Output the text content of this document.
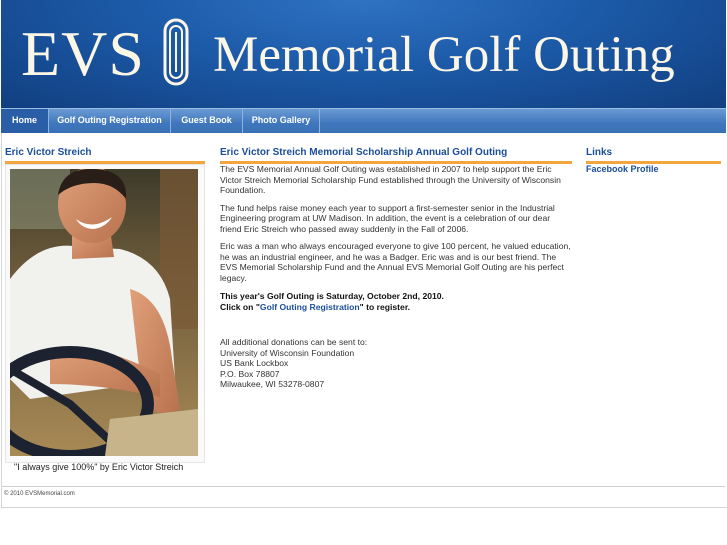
EVS Memorial Golf Outing
Home	Golf Outing Registration	Guest Book	Photo Gallery
Eric Victor Streich
"I always give 100%" by Eric Victor Streich
Eric Victor Streich Memorial Scholarship Annual Golf Outing

The EVS Memorial Annual Golf Outing was established in 2007 to help support the Eric Victor Streich Memorial Scholarship Fund established through the University of Wisconsin Foundation.

The fund helps raise money each year to support a first-semester senior in the Industrial Engineering program at UW Madison. In addition, the event is a celebration of our dear friend Eric Streich who passed away suddenly in the Fall of 2006.

Eric was a man who always encouraged everyone to give 100 percent, he valued education, he was an industrial engineer, and he was a Badger. Eric was and is our best friend. The EVS Memorial Scholarship Fund and the Annual EVS Memorial Golf Outing are his perfect legacy.

This year's Golf Outing is Saturday, October 2nd, 2010.

Click on "Golf Outing Registration" to register.

All additional donations can be sent to:

University of Wisconsin Foundation

US Bank Lockbox

P.O. Box 78807

Milwaukee, WI 53278-0807

Links
Facebook Profile
© 2010 EVSMemorial.com
